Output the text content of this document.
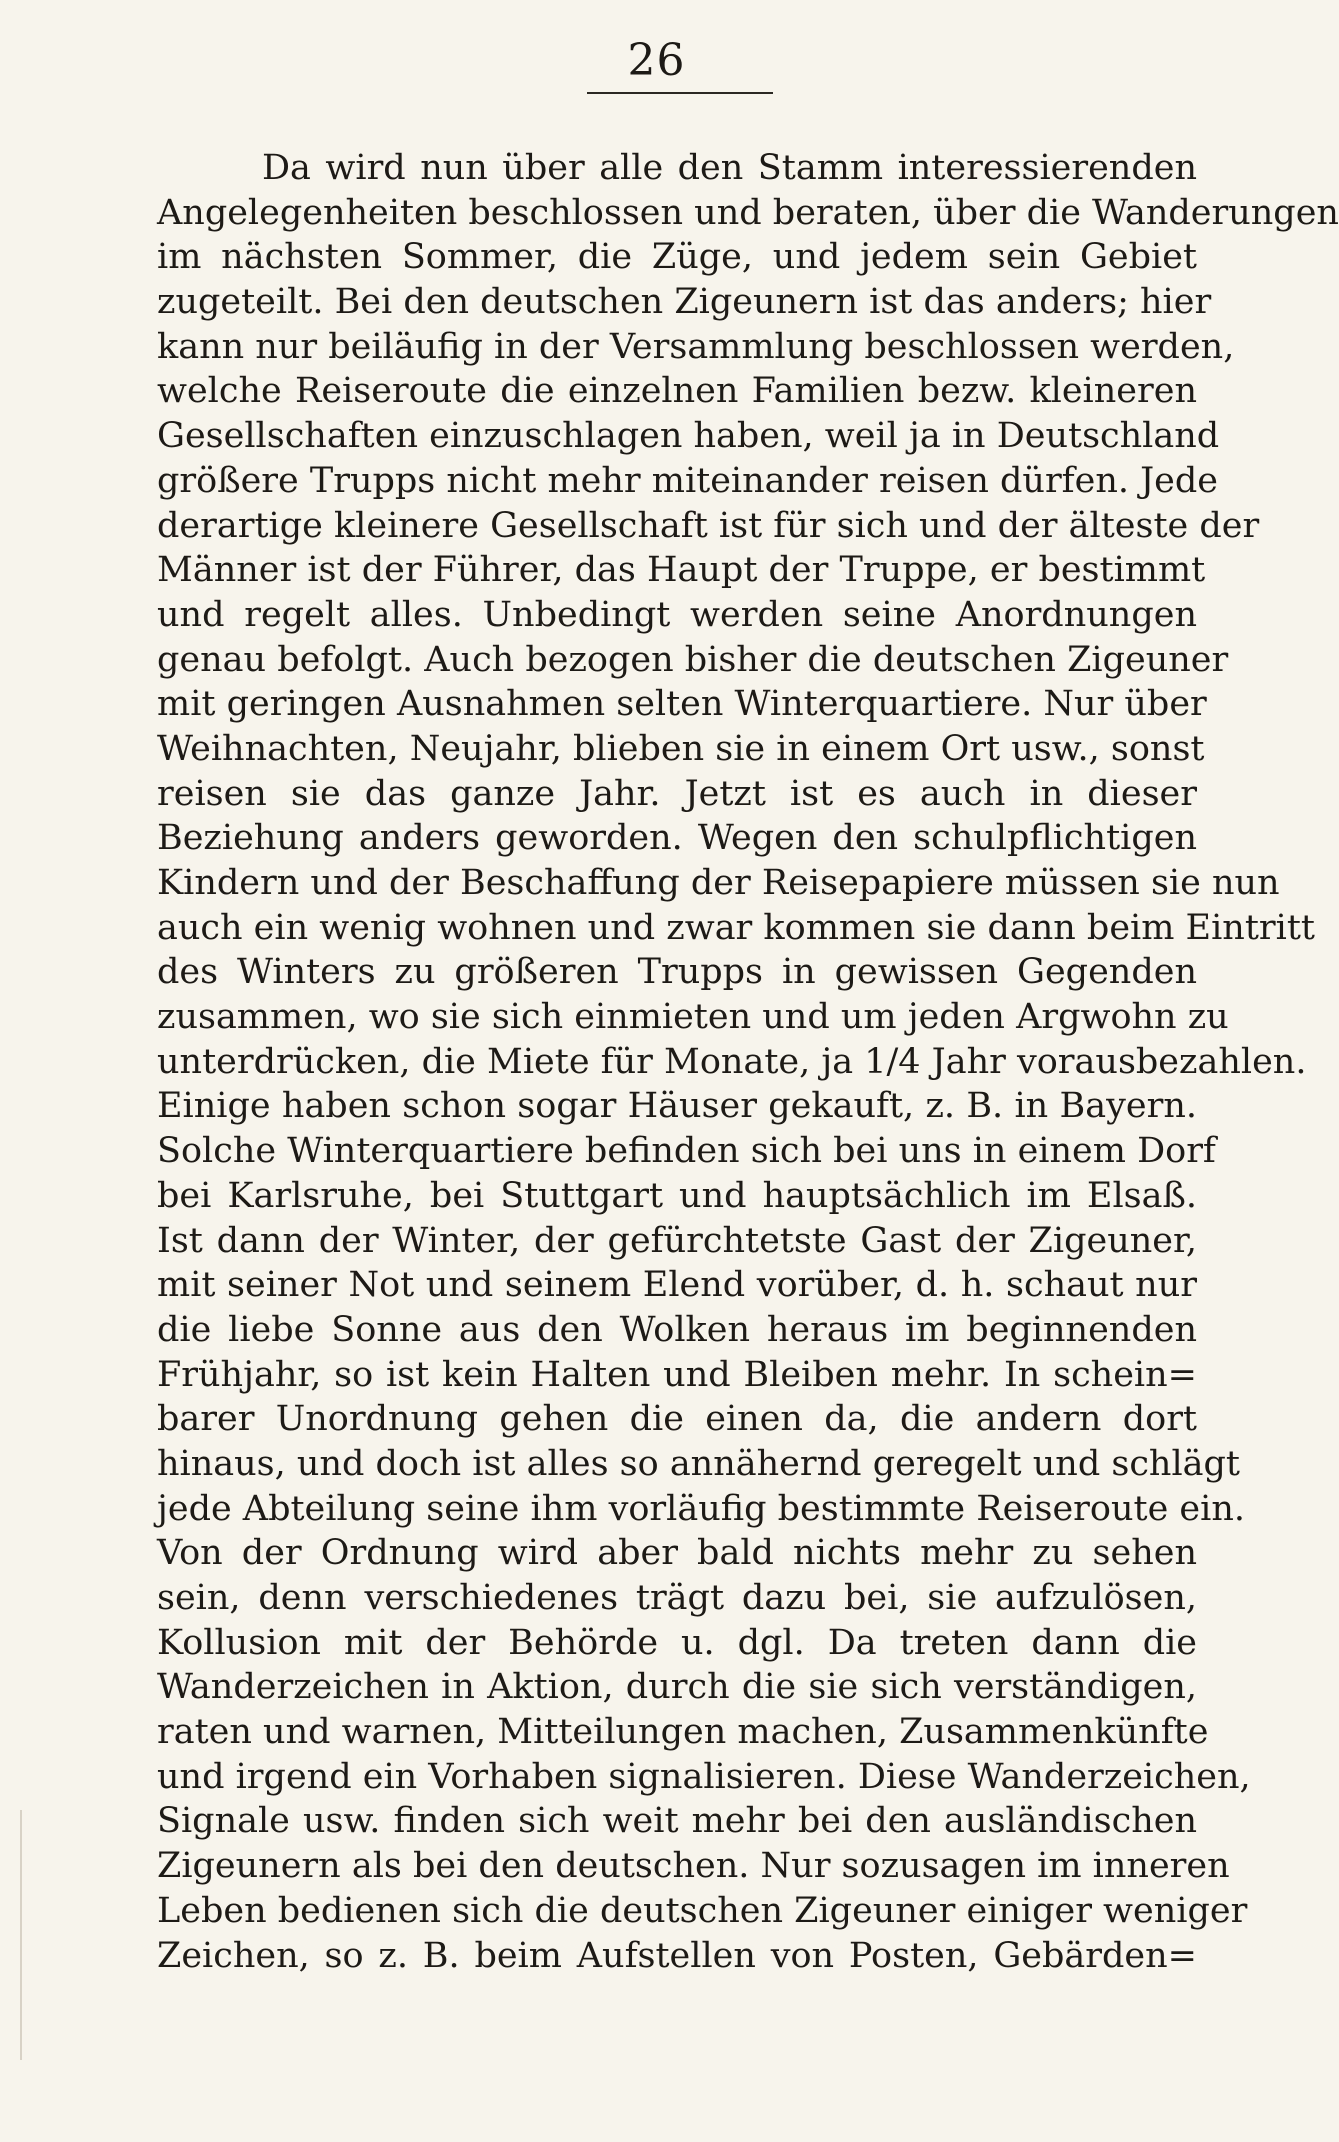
26
Da wird nun über alle den Stamm interessierenden
Angelegenheiten beschlossen und beraten, über die Wanderungen
im nächsten Sommer, die Züge, und jedem sein Gebiet
zugeteilt. Bei den deutschen Zigeunern ist das anders; hier
kann nur beiläufig in der Versammlung beschlossen werden,
welche Reiseroute die einzelnen Familien bezw. kleineren
Gesellschaften einzuschlagen haben, weil ja in Deutschland
größere Trupps nicht mehr miteinander reisen dürfen. Jede
derartige kleinere Gesellschaft ist für sich und der älteste der
Männer ist der Führer, das Haupt der Truppe, er bestimmt
und regelt alles. Unbedingt werden seine Anordnungen
genau befolgt. Auch bezogen bisher die deutschen Zigeuner
mit geringen Ausnahmen selten Winterquartiere. Nur über
Weihnachten, Neujahr, blieben sie in einem Ort usw., sonst
reisen sie das ganze Jahr. Jetzt ist es auch in dieser
Beziehung anders geworden. Wegen den schulpflichtigen
Kindern und der Beschaffung der Reisepapiere müssen sie nun
auch ein wenig wohnen und zwar kommen sie dann beim Eintritt
des Winters zu größeren Trupps in gewissen Gegenden
zusammen, wo sie sich einmieten und um jeden Argwohn zu
unterdrücken, die Miete für Monate, ja 1/4 Jahr vorausbezahlen.
Einige haben schon sogar Häuser gekauft, z. B. in Bayern.
Solche Winterquartiere befinden sich bei uns in einem Dorf
bei Karlsruhe, bei Stuttgart und hauptsächlich im Elsaß.
Ist dann der Winter, der gefürchtetste Gast der Zigeuner,
mit seiner Not und seinem Elend vorüber, d. h. schaut nur
die liebe Sonne aus den Wolken heraus im beginnenden
Frühjahr, so ist kein Halten und Bleiben mehr. In schein=
barer Unordnung gehen die einen da, die andern dort
hinaus, und doch ist alles so annähernd geregelt und schlägt
jede Abteilung seine ihm vorläufig bestimmte Reiseroute ein.
Von der Ordnung wird aber bald nichts mehr zu sehen
sein, denn verschiedenes trägt dazu bei, sie aufzulösen,
Kollusion mit der Behörde u. dgl. Da treten dann die
Wanderzeichen in Aktion, durch die sie sich verständigen,
raten und warnen, Mitteilungen machen, Zusammenkünfte
und irgend ein Vorhaben signalisieren. Diese Wanderzeichen,
Signale usw. finden sich weit mehr bei den ausländischen
Zigeunern als bei den deutschen. Nur sozusagen im inneren
Leben bedienen sich die deutschen Zigeuner einiger weniger
Zeichen, so z. B. beim Aufstellen von Posten, Gebärden=
